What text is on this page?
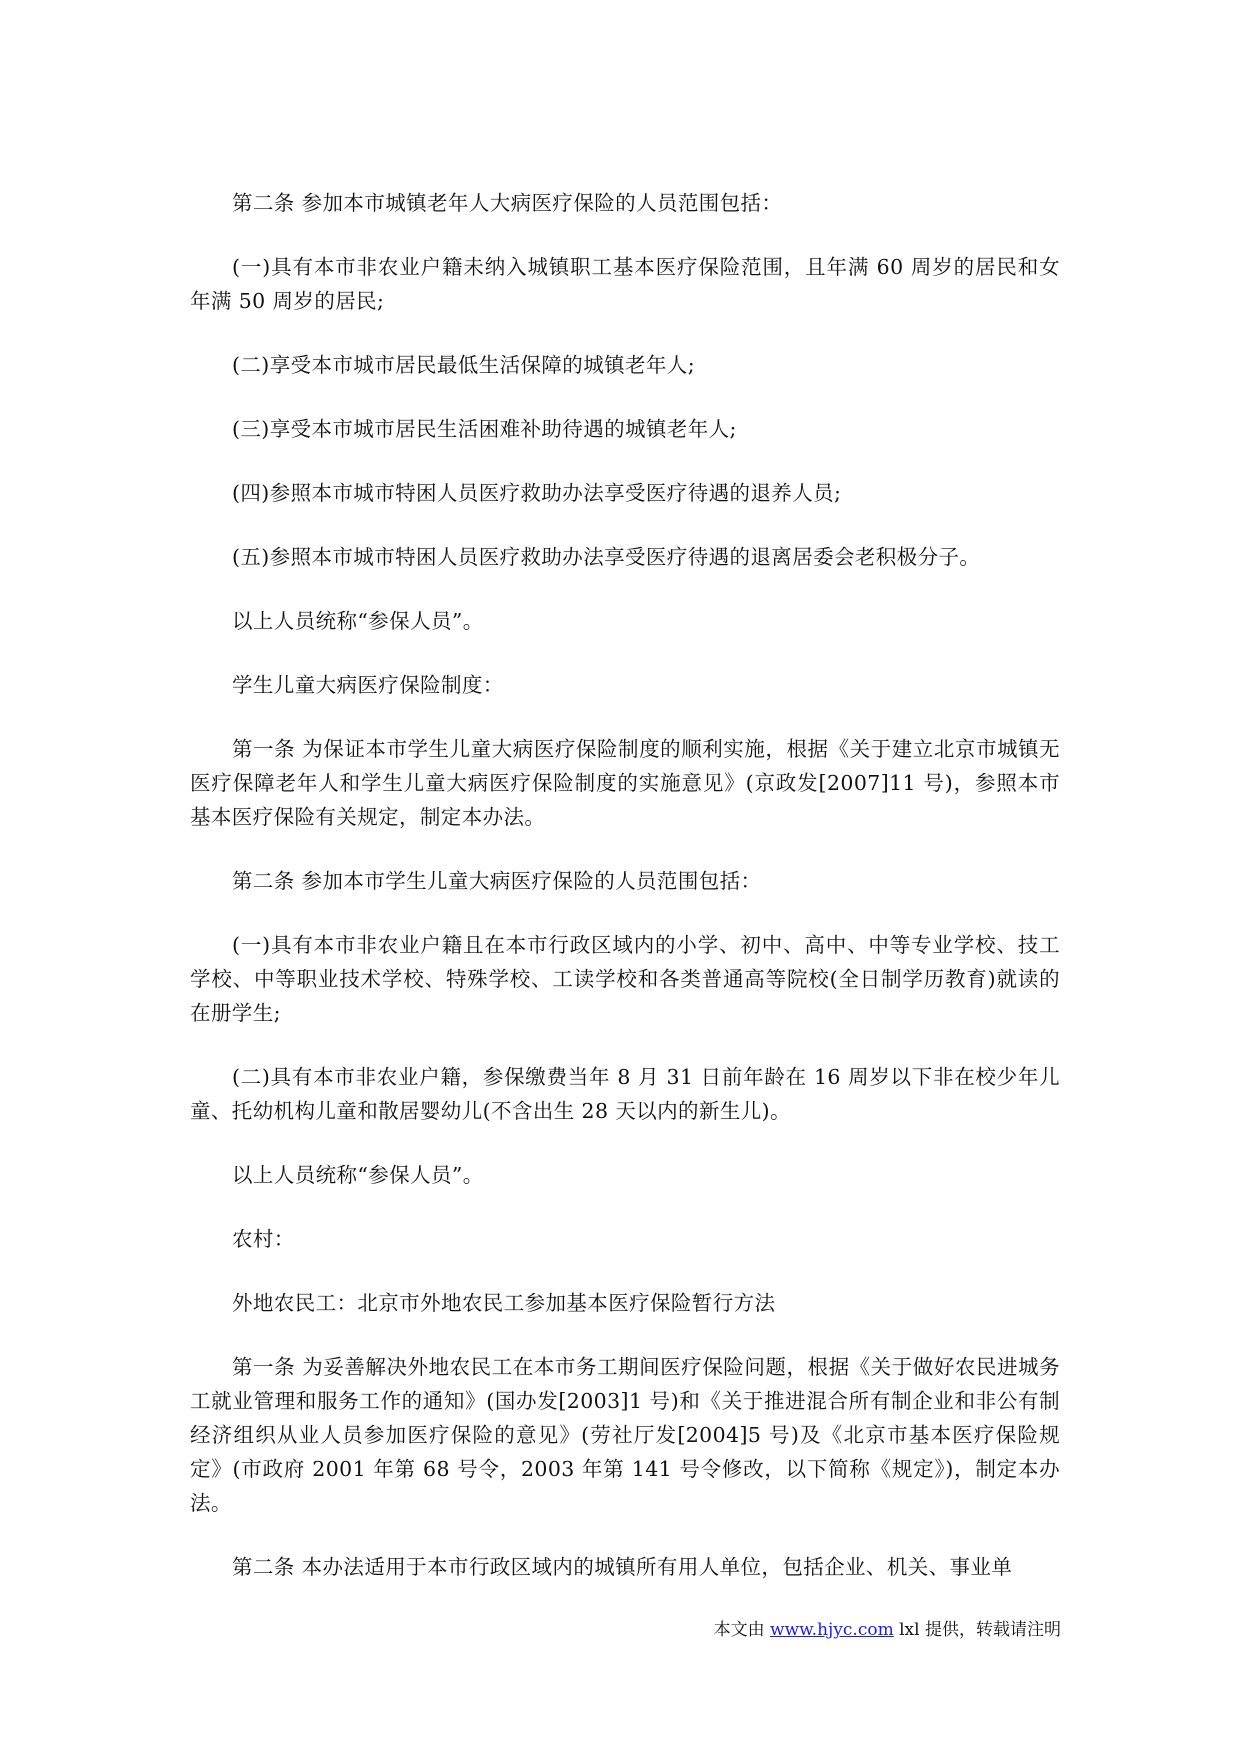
第二条 参加本市城镇老年人大病医疗保险的人员范围包括：

(一)具有本市非农业户籍未纳入城镇职工基本医疗保险范围，且年满 60 周岁的居民和女年满 50 周岁的居民;

(二)享受本市城市居民最低生活保障的城镇老年人;

(三)享受本市城市居民生活困难补助待遇的城镇老年人;

(四)参照本市城市特困人员医疗救助办法享受医疗待遇的退养人员;

(五)参照本市城市特困人员医疗救助办法享受医疗待遇的退离居委会老积极分子。

以上人员统称“参保人员”。

学生儿童大病医疗保险制度：

第一条 为保证本市学生儿童大病医疗保险制度的顺利实施，根据《关于建立北京市城镇无医疗保障老年人和学生儿童大病医疗保险制度的实施意见》(京政发[2007]11 号)，参照本市基本医疗保险有关规定，制定本办法。

第二条 参加本市学生儿童大病医疗保险的人员范围包括：

(一)具有本市非农业户籍且在本市行政区域内的小学、初中、高中、中等专业学校、技工学校、中等职业技术学校、特殊学校、工读学校和各类普通高等院校(全日制学历教育)就读的在册学生;

(二)具有本市非农业户籍，参保缴费当年 8 月 31 日前年龄在 16 周岁以下非在校少年儿童、托幼机构儿童和散居婴幼儿(不含出生 28 天以内的新生儿)。

以上人员统称“参保人员”。

农村：

外地农民工：北京市外地农民工参加基本医疗保险暂行方法

第一条 为妥善解决外地农民工在本市务工期间医疗保险问题，根据《关于做好农民进城务工就业管理和服务工作的通知》(国办发[2003]1 号)和《关于推进混合所有制企业和非公有制经济组织从业人员参加医疗保险的意见》(劳社厅发[2004]5 号)及《北京市基本医疗保险规定》(市政府 2001 年第 68 号令，2003 年第 141 号令修改，以下简称《规定》)，制定本办法。

第二条 本办法适用于本市行政区域内的城镇所有用人单位，包括企业、机关、事业单

本文由 www.hjyc.com lxl 提供，转载请注明
